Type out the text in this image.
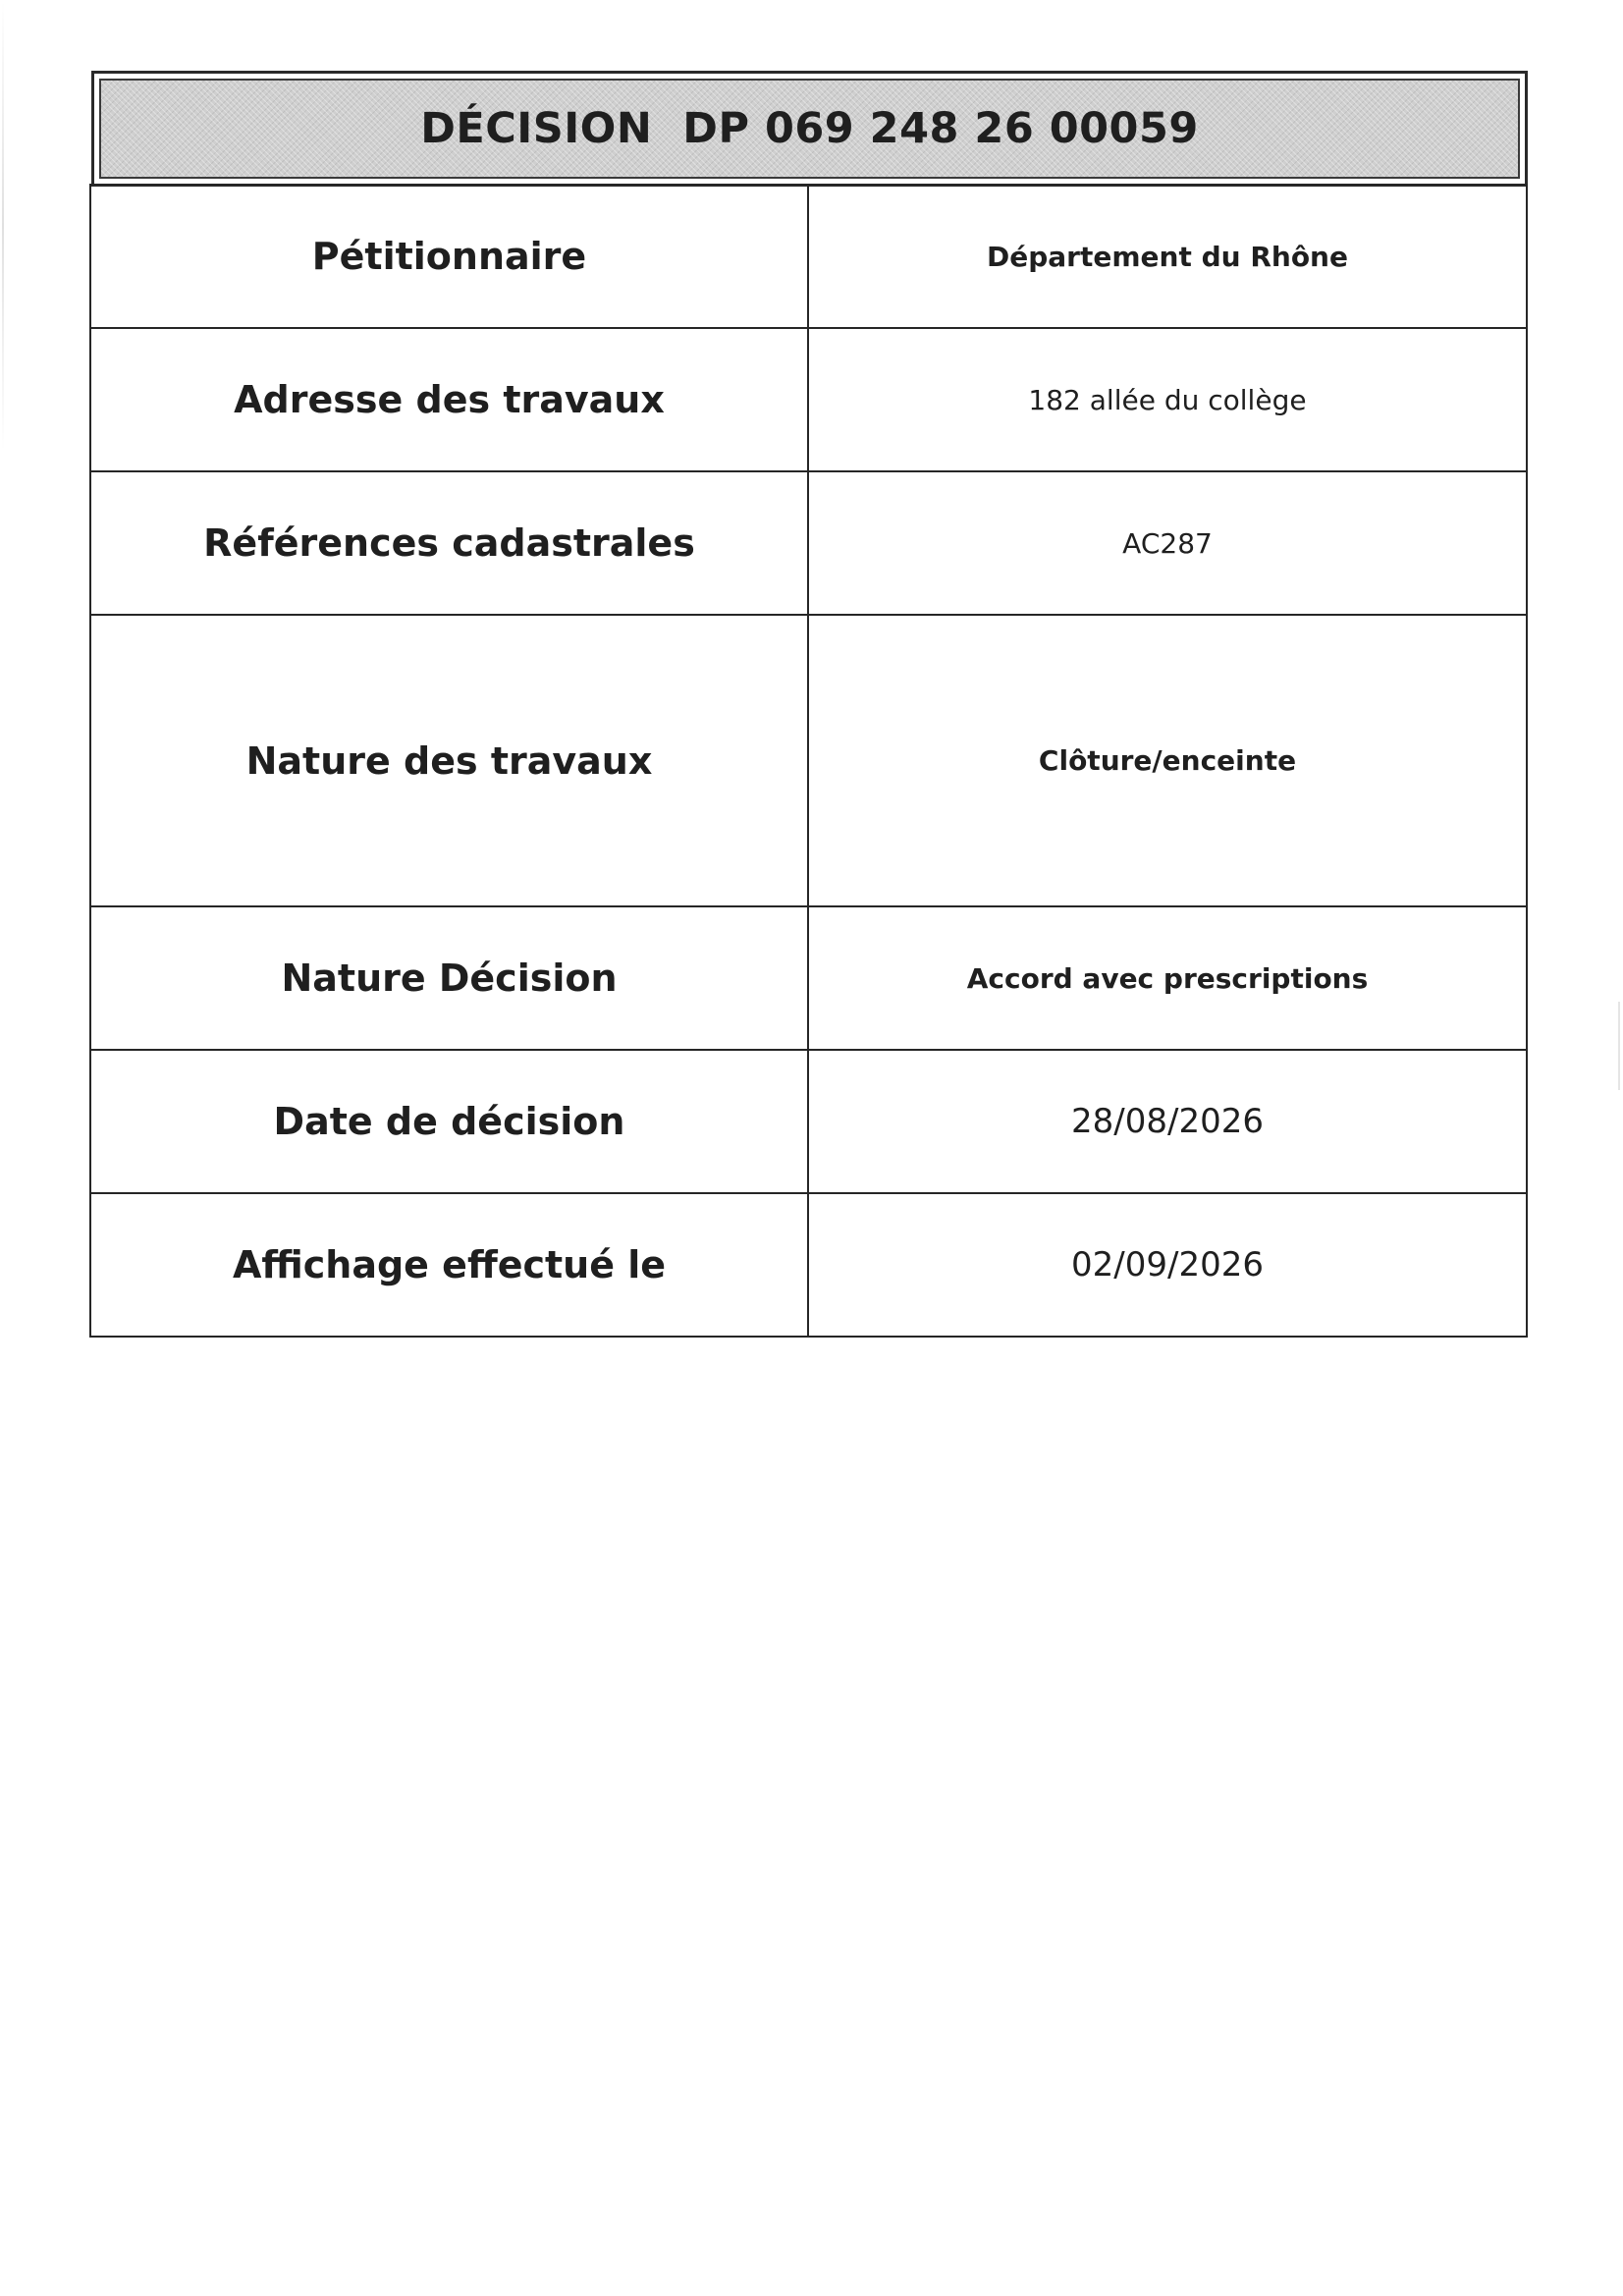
DÉCISION  DP 069 248 26 00059
Pétitionnaire	Département du Rhône
Adresse des travaux	182 allée du collège
Références cadastrales	AC287
Nature des travaux	Clôture/enceinte
Nature Décision	Accord avec prescriptions
Date de décision	28/08/2026
Affichage effectué le	02/09/2026
